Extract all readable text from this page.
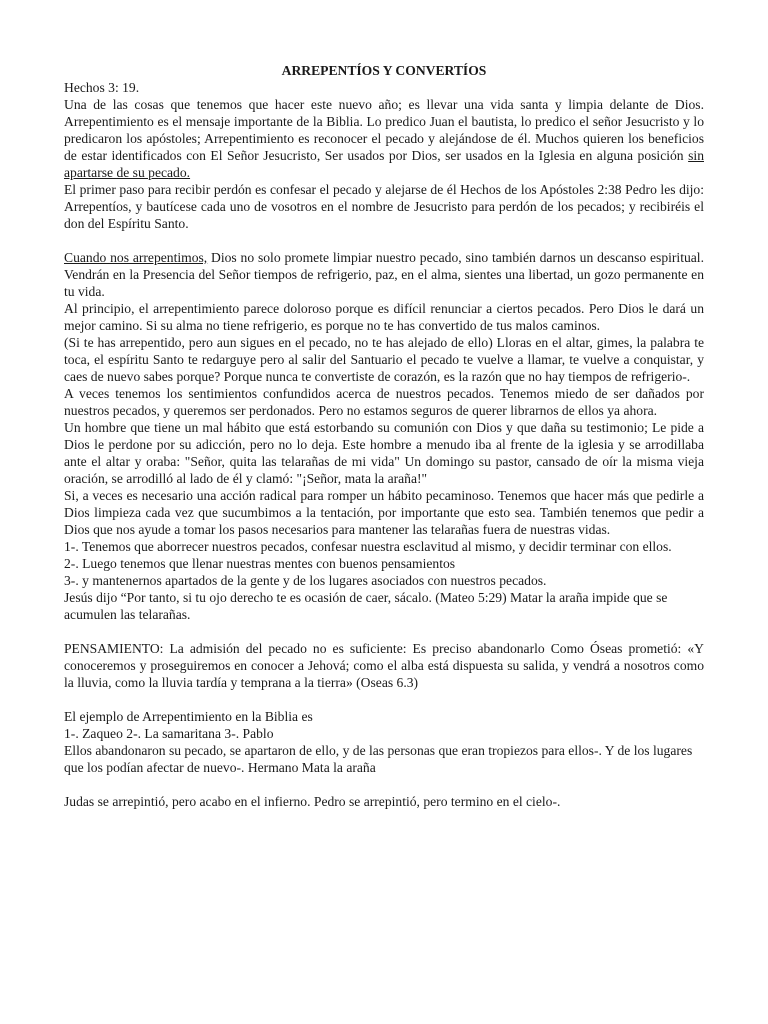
ARREPENTÍOS Y CONVERTÍOS

Hechos 3: 19.

Una de las cosas que tenemos que hacer este nuevo año; es llevar una vida santa y limpia delante de Dios. Arrepentimiento es el mensaje importante de la Biblia. Lo predico Juan el bautista, lo predico el señor Jesucristo y lo predicaron los apóstoles; Arrepentimiento es reconocer el pecado y alejándose de él. Muchos quieren los beneficios de estar identificados con El Señor Jesucristo, Ser usados por Dios, ser usados en la Iglesia en alguna posición sin apartarse de su pecado.

El primer paso para recibir perdón es confesar el pecado y alejarse de él Hechos de los Apóstoles 2:38 Pedro les dijo: Arrepentíos, y bautícese cada uno de vosotros en el nombre de Jesucristo para perdón de los pecados; y recibiréis el don del Espíritu Santo.

Cuando nos arrepentimos, Dios no solo promete limpiar nuestro pecado, sino también darnos un descanso espiritual. Vendrán en la Presencia del Señor tiempos de refrigerio, paz, en el alma, sientes una libertad, un gozo permanente en tu vida.

Al principio, el arrepentimiento parece doloroso porque es difícil renunciar a ciertos pecados. Pero Dios le dará un mejor camino. Si su alma no tiene refrigerio, es porque no te has convertido de tus malos caminos.

(Si te has arrepentido, pero aun sigues en el pecado, no te has alejado de ello) Lloras en el altar, gimes, la palabra te toca, el espíritu Santo te redarguye pero al salir del Santuario el pecado te vuelve a llamar, te vuelve a conquistar, y caes de nuevo sabes porque? Porque nunca te convertiste de corazón, es la razón que no hay tiempos de refrigerio-.

A veces tenemos los sentimientos confundidos acerca de nuestros pecados. Tenemos miedo de ser dañados por nuestros pecados, y queremos ser perdonados. Pero no estamos seguros de querer librarnos de ellos ya ahora.

Un hombre que tiene un mal hábito que está estorbando su comunión con Dios y que daña su testimonio; Le pide a Dios le perdone por su adicción, pero no lo deja. Este hombre a menudo iba al frente de la iglesia y se arrodillaba ante el altar y oraba: "Señor, quita las telarañas de mi vida" Un domingo su pastor, cansado de oír la misma vieja oración, se arrodilló al lado de él y clamó: "¡Señor, mata la araña!"

Si, a veces es necesario una acción radical para romper un hábito pecaminoso. Tenemos que hacer más que pedirle a Dios limpieza cada vez que sucumbimos a la tentación, por importante que esto sea. También tenemos que pedir a Dios que nos ayude a tomar los pasos necesarios para mantener las telarañas fuera de nuestras vidas.

1-. Tenemos que aborrecer nuestros pecados, confesar nuestra esclavitud al mismo, y decidir terminar con ellos.

2-. Luego tenemos que llenar nuestras mentes con buenos pensamientos

3-. y mantenernos apartados de la gente y de los lugares asociados con nuestros pecados.

Jesús dijo “Por tanto, si tu ojo derecho te es ocasión de caer, sácalo. (Mateo 5:29) Matar la araña impide que se acumulen las telarañas.

PENSAMIENTO: La admisión del pecado no es suficiente: Es preciso abandonarlo Como Óseas prometió: «Y conoceremos y proseguiremos en conocer a Jehová; como el alba está dispuesta su salida, y vendrá a nosotros como la lluvia, como la lluvia tardía y temprana a la tierra» (Oseas 6.3)

El ejemplo de Arrepentimiento en la Biblia es

1-. Zaqueo 2-. La samaritana 3-. Pablo

Ellos abandonaron su pecado, se apartaron de ello, y de las personas que eran tropiezos para ellos-. Y de los lugares que los podían afectar de nuevo-. Hermano Mata la araña

Judas se arrepintió, pero acabo en el infierno. Pedro se arrepintió, pero termino en el cielo-.
